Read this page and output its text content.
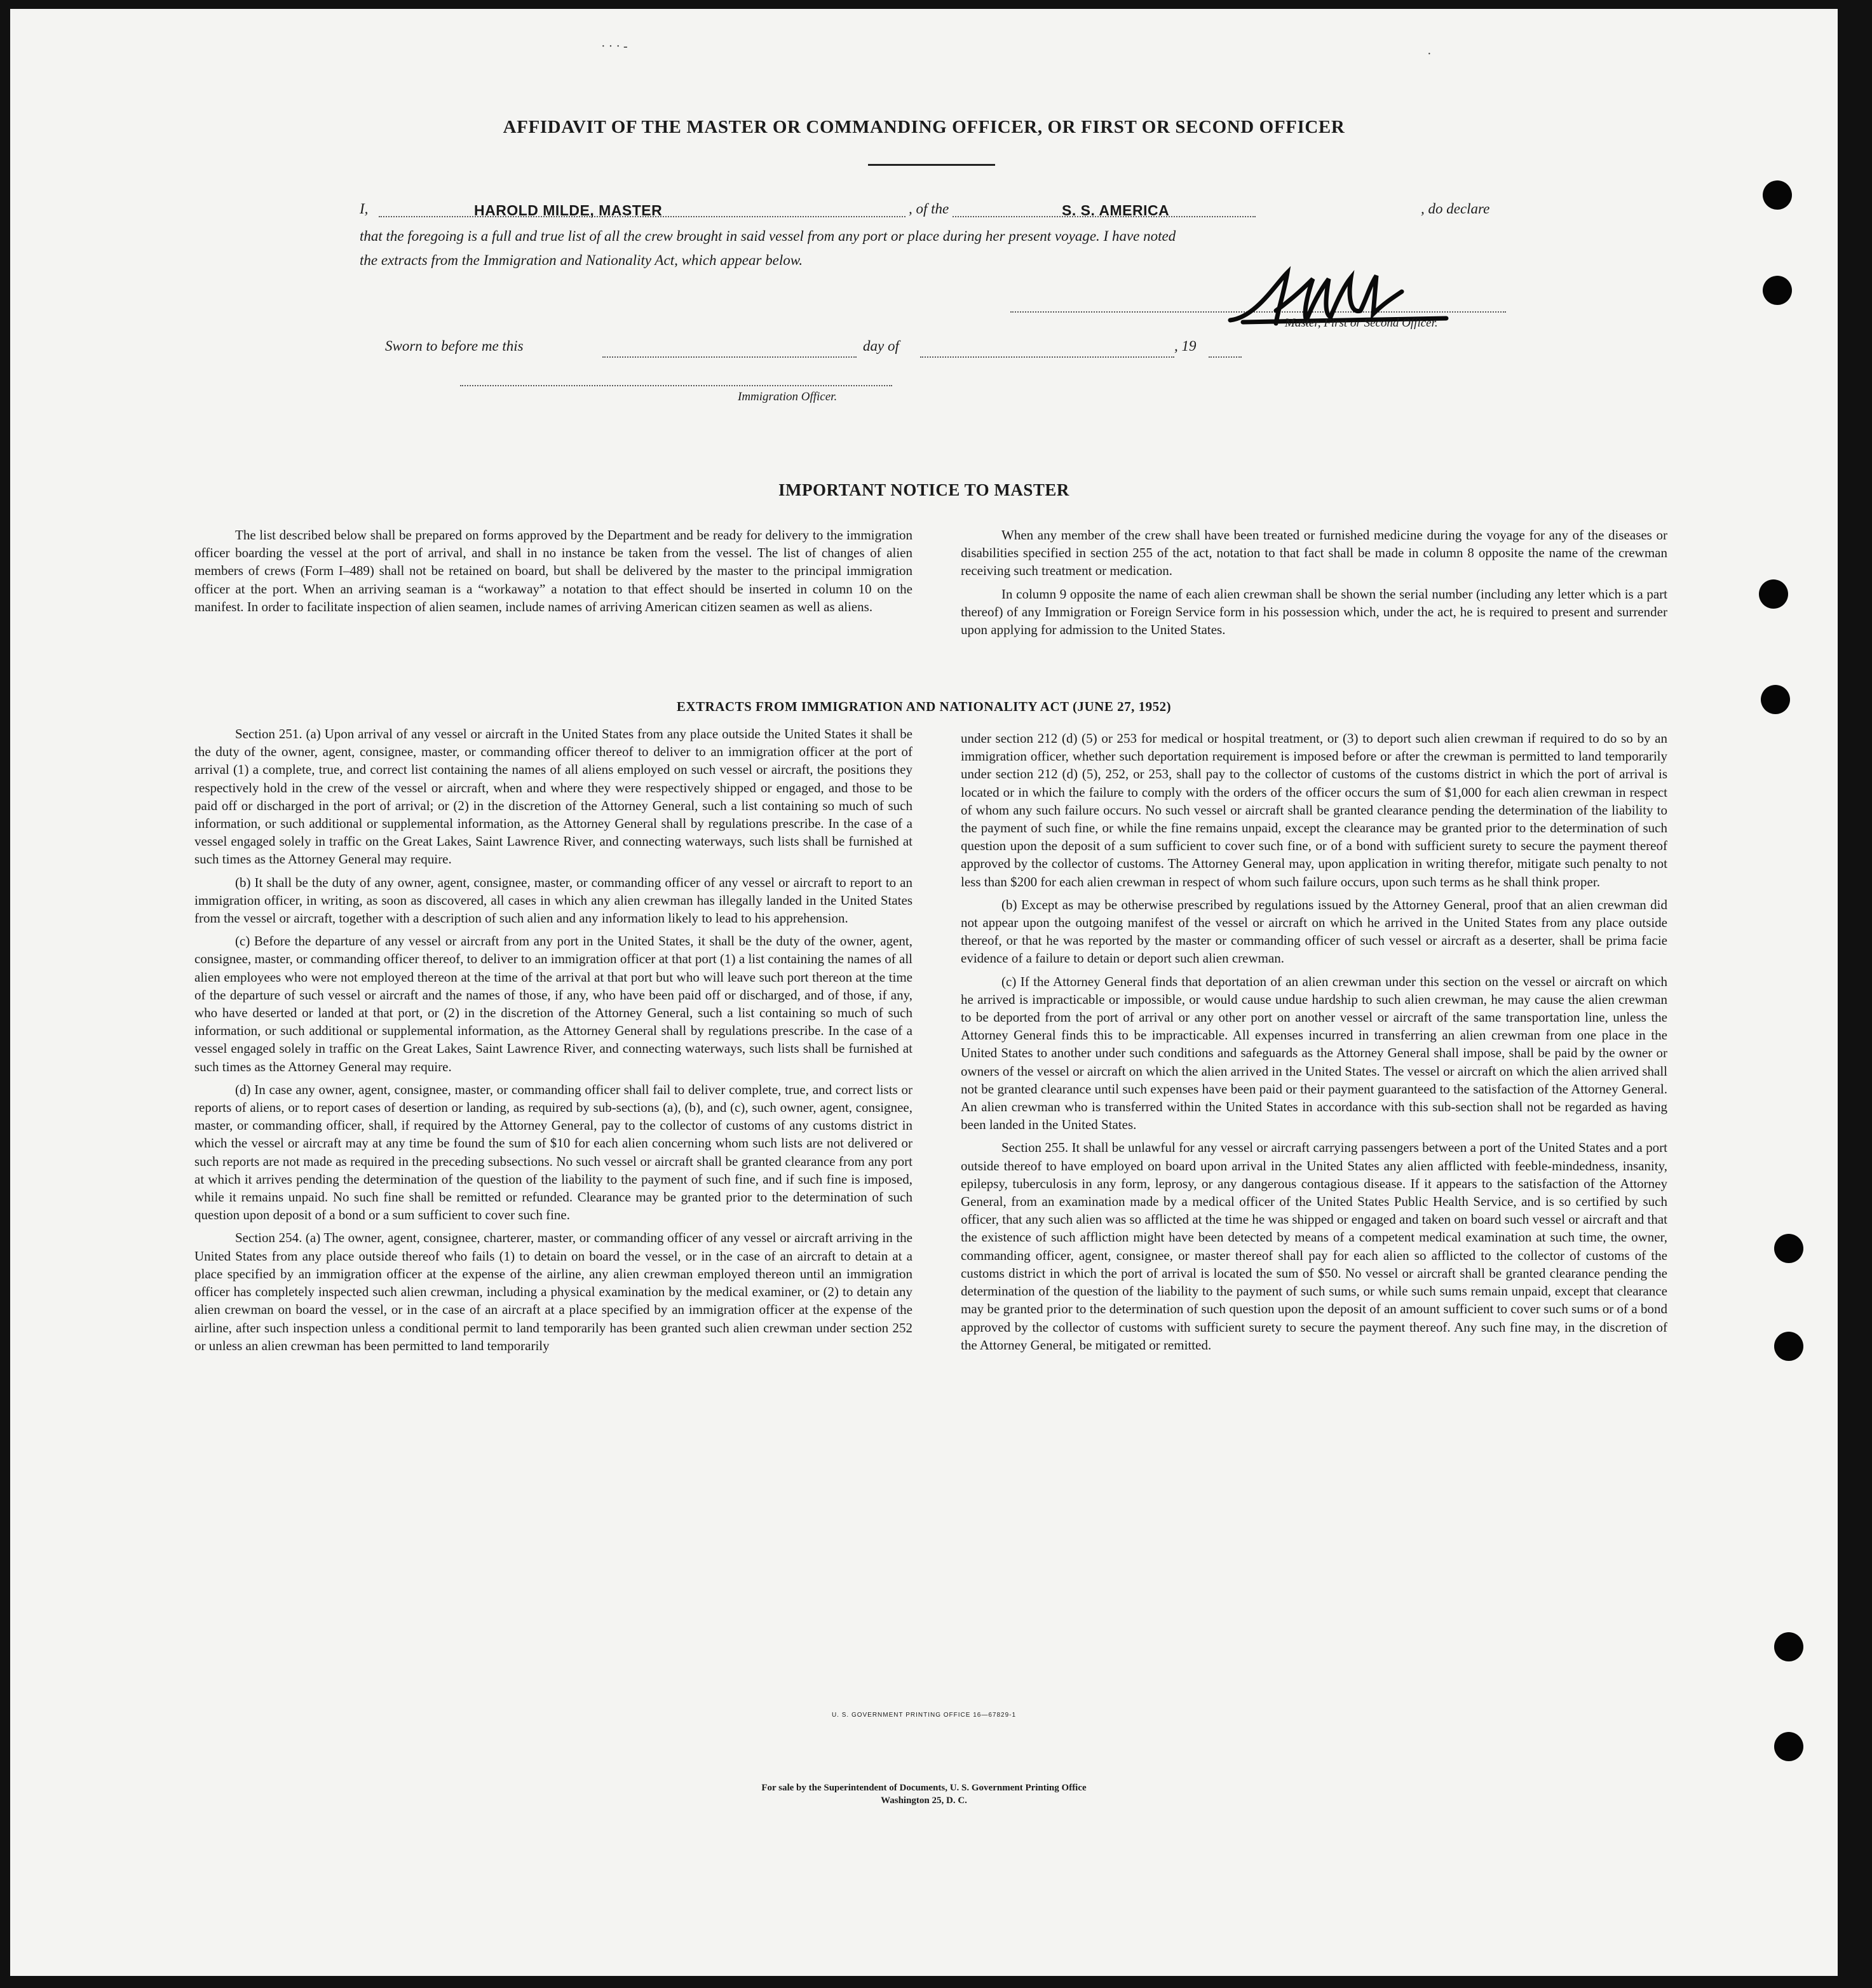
· · · -
·
AFFIDAVIT OF THE MASTER OR COMMANDING OFFICER, OR FIRST OR SECOND OFFICER
I,	HAROLD MILDE, MASTER	, of the	S. S. AMERICA	, do declare
that the foregoing is a full and true list of all the crew brought in said vessel from any port or place during her present voyage. I have noted
the extracts from the Immigration and Nationality Act, which appear below.
Master, First or Second Officer.
Sworn to before me this	day of	, 19
Immigration Officer.
IMPORTANT NOTICE TO MASTER

The list described below shall be prepared on forms approved by the Department and be ready for delivery to the immigration officer boarding the vessel at the port of arrival, and shall in no instance be taken from the vessel. The list of changes of alien members of crews (Form I–489) shall not be retained on board, but shall be delivered by the master to the principal immigration officer at the port. When an arriving seaman is a “workaway” a notation to that effect should be inserted in column 10 on the manifest. In order to facilitate inspection of alien seamen, include names of arriving American citizen seamen as well as aliens.

When any member of the crew shall have been treated or furnished medicine during the voyage for any of the diseases or disabilities specified in section 255 of the act, notation to that fact shall be made in column 8 opposite the name of the crewman receiving such treatment or medication.

In column 9 opposite the name of each alien crewman shall be shown the serial number (including any letter which is a part thereof) of any Immigration or Foreign Service form in his possession which, under the act, he is required to present and surrender upon applying for admission to the United States.

EXTRACTS FROM IMMIGRATION AND NATIONALITY ACT (JUNE 27, 1952)

Section 251. (a) Upon arrival of any vessel or aircraft in the United States from any place outside the United States it shall be the duty of the owner, agent, consignee, master, or commanding officer thereof to deliver to an immigration officer at the port of arrival (1) a complete, true, and correct list containing the names of all aliens employed on such vessel or aircraft, the positions they respectively hold in the crew of the vessel or aircraft, when and where they were respectively shipped or engaged, and those to be paid off or discharged in the port of arrival; or (2) in the discretion of the Attorney General, such a list containing so much of such information, or such additional or supplemental information, as the Attorney General shall by regulations prescribe. In the case of a vessel engaged solely in traffic on the Great Lakes, Saint Lawrence River, and connecting waterways, such lists shall be furnished at such times as the Attorney General may require.

(b) It shall be the duty of any owner, agent, consignee, master, or commanding officer of any vessel or aircraft to report to an immigration officer, in writing, as soon as discovered, all cases in which any alien crewman has illegally landed in the United States from the vessel or aircraft, together with a description of such alien and any information likely to lead to his apprehension.

(c) Before the departure of any vessel or aircraft from any port in the United States, it shall be the duty of the owner, agent, consignee, master, or commanding officer thereof, to deliver to an immigration officer at that port (1) a list containing the names of all alien employees who were not employed thereon at the time of the arrival at that port but who will leave such port thereon at the time of the departure of such vessel or aircraft and the names of those, if any, who have been paid off or discharged, and of those, if any, who have deserted or landed at that port, or (2) in the discretion of the Attorney General, such a list containing so much of such information, or such additional or supplemental information, as the Attorney General shall by regulations prescribe. In the case of a vessel engaged solely in traffic on the Great Lakes, Saint Lawrence River, and connecting waterways, such lists shall be furnished at such times as the Attorney General may require.

(d) In case any owner, agent, consignee, master, or commanding officer shall fail to deliver complete, true, and correct lists or reports of aliens, or to report cases of desertion or landing, as required by sub-sections (a), (b), and (c), such owner, agent, consignee, master, or commanding officer, shall, if required by the Attorney General, pay to the collector of customs of any customs district in which the vessel or aircraft may at any time be found the sum of $10 for each alien concerning whom such lists are not delivered or such reports are not made as required in the preceding subsections. No such vessel or aircraft shall be granted clearance from any port at which it arrives pending the determination of the question of the liability to the payment of such fine, and if such fine is imposed, while it remains unpaid. No such fine shall be remitted or refunded. Clearance may be granted prior to the determination of such question upon deposit of a bond or a sum sufficient to cover such fine.

Section 254. (a) The owner, agent, consignee, charterer, master, or commanding officer of any vessel or aircraft arriving in the United States from any place outside thereof who fails (1) to detain on board the vessel, or in the case of an aircraft to detain at a place specified by an immigration officer at the expense of the airline, any alien crewman employed thereon until an immigration officer has completely inspected such alien crewman, including a physical examination by the medical examiner, or (2) to detain any alien crewman on board the vessel, or in the case of an aircraft at a place specified by an immigration officer at the expense of the airline, after such inspection unless a conditional permit to land temporarily has been granted such alien crewman under section 252 or unless an alien crewman has been permitted to land temporarily

under section 212 (d) (5) or 253 for medical or hospital treatment, or (3) to deport such alien crewman if required to do so by an immigration officer, whether such deportation requirement is imposed before or after the crewman is permitted to land temporarily under section 212 (d) (5), 252, or 253, shall pay to the collector of customs of the customs district in which the port of arrival is located or in which the failure to comply with the orders of the officer occurs the sum of $1,000 for each alien crewman in respect of whom any such failure occurs. No such vessel or aircraft shall be granted clearance pending the determination of the liability to the payment of such fine, or while the fine remains unpaid, except the clearance may be granted prior to the determination of such question upon the deposit of a sum sufficient to cover such fine, or of a bond with sufficient surety to secure the payment thereof approved by the collector of customs. The Attorney General may, upon application in writing therefor, mitigate such penalty to not less than $200 for each alien crewman in respect of whom such failure occurs, upon such terms as he shall think proper.

(b) Except as may be otherwise prescribed by regulations issued by the Attorney General, proof that an alien crewman did not appear upon the outgoing manifest of the vessel or aircraft on which he arrived in the United States from any place outside thereof, or that he was reported by the master or commanding officer of such vessel or aircraft as a deserter, shall be prima facie evidence of a failure to detain or deport such alien crewman.

(c) If the Attorney General finds that deportation of an alien crewman under this section on the vessel or aircraft on which he arrived is impracticable or impossible, or would cause undue hardship to such alien crewman, he may cause the alien crewman to be deported from the port of arrival or any other port on another vessel or aircraft of the same transportation line, unless the Attorney General finds this to be impracticable. All expenses incurred in transferring an alien crewman from one place in the United States to another under such conditions and safeguards as the Attorney General shall impose, shall be paid by the owner or owners of the vessel or aircraft on which the alien arrived in the United States. The vessel or aircraft on which the alien arrived shall not be granted clearance until such expenses have been paid or their payment guaranteed to the satisfaction of the Attorney General. An alien crewman who is transferred within the United States in accordance with this sub-section shall not be regarded as having been landed in the United States.

Section 255. It shall be unlawful for any vessel or aircraft carrying passengers between a port of the United States and a port outside thereof to have employed on board upon arrival in the United States any alien afflicted with feeble-mindedness, insanity, epilepsy, tuberculosis in any form, leprosy, or any dangerous contagious disease. If it appears to the satisfaction of the Attorney General, from an examination made by a medical officer of the United States Public Health Service, and is so certified by such officer, that any such alien was so afflicted at the time he was shipped or engaged and taken on board such vessel or aircraft and that the existence of such affliction might have been detected by means of a competent medical examination at such time, the owner, commanding officer, agent, consignee, or master thereof shall pay for each alien so afflicted to the collector of customs of the customs district in which the port of arrival is located the sum of $50. No vessel or aircraft shall be granted clearance pending the determination of the question of the liability to the payment of such sums, or while such sums remain unpaid, except that clearance may be granted prior to the determination of such question upon the deposit of an amount sufficient to cover such sums or of a bond approved by the collector of customs with sufficient surety to secure the payment thereof. Any such fine may, in the discretion of the Attorney General, be mitigated or remitted.

U. S. GOVERNMENT PRINTING OFFICE 16—67829-1
For sale by the Superintendent of Documents, U. S. Government Printing Office
Washington 25, D. C.
